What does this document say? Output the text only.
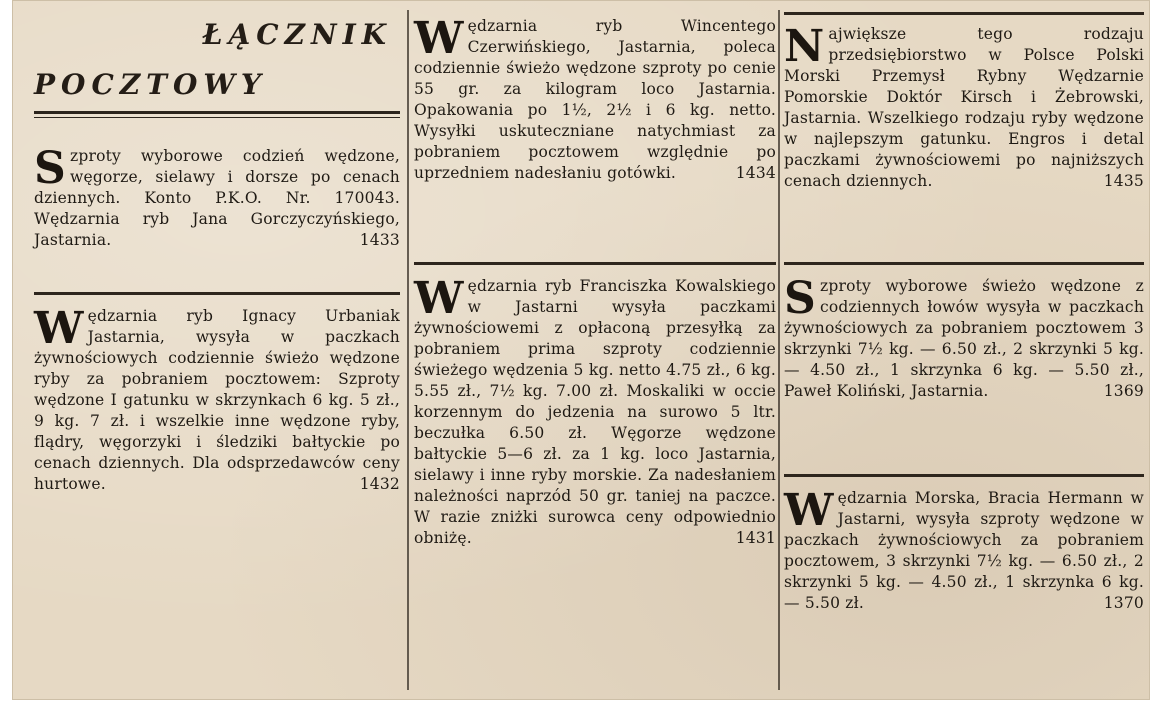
ŁĄCZNIK
POCZTOWY
S zproty wyborowe codzień wędzone, węgorze, sielawy i dorsze po cenach dziennych. Konto P.K.O. Nr. 170043. Wędzarnia ryb Jana Gorczyczyńskiego, Jastarnia.	1433
W ędzarnia ryb Ignacy Urbaniak Jastarnia, wysyła w paczkach żywnościowych codziennie świeżo wędzone ryby za pobraniem pocztowem: Szproty wędzone I gatunku w skrzynkach 6 kg. 5 zł., 9 kg. 7 zł. i wszelkie inne wędzone ryby, flądry, węgorzyki i śledziki bałtyckie po cenach dziennych. Dla odsprzedawców ceny hurtowe.	1432
W ędzarnia ryb Wincentego Czerwińskiego, Jastarnia, poleca codziennie świeżo wędzone szproty po cenie 55 gr. za kilogram loco Jastarnia. Opakowania po 1½, 2½ i 6 kg. netto. Wysyłki uskuteczniane natychmiast za pobraniem pocztowem względnie po uprzedniem nadesłaniu gotówki.	1434
W ędzarnia ryb Franciszka Kowalskiego w Jastarni wysyła paczkami żywnościowemi z opłaconą przesyłką za pobraniem prima szproty codziennie świeżego wędzenia 5 kg. netto 4.75 zł., 6 kg. 5.55 zł., 7½ kg. 7.00 zł. Moskaliki w occie korzennym do jedzenia na surowo 5 ltr. beczułka 6.50 zł. Węgorze wędzone bałtyckie 5—6 zł. za 1 kg. loco Jastarnia, sielawy i inne ryby morskie. Za nadesłaniem należności naprzód 50 gr. taniej na paczce. W razie zniżki surowca ceny odpowiednio obniżę.	1431
N ajwiększe tego rodzaju przedsiębiorstwo w Polsce Polski Morski Przemysł Rybny Wędzarnie Pomorskie Doktór Kirsch i Żebrowski, Jastarnia. Wszelkiego rodzaju ryby wędzone w najlepszym gatunku. Engros i detal paczkami żywnościowemi po najniższych cenach dziennych.	1435
S zproty wyborowe świeżo wędzone z codziennych łowów wysyła w paczkach żywnościowych za pobraniem pocztowem 3 skrzynki 7½ kg. — 6.50 zł., 2 skrzynki 5 kg. — 4.50 zł., 1 skrzynka 6 kg. — 5.50 zł., Paweł Koliński, Jastarnia.	1369
W ędzarnia Morska, Bracia Hermann w Jastarni, wysyła szproty wędzone w paczkach żywnościowych za pobraniem pocztowem, 3 skrzynki 7½ kg. — 6.50 zł., 2 skrzynki 5 kg. — 4.50 zł., 1 skrzynka 6 kg. — 5.50 zł.	1370
